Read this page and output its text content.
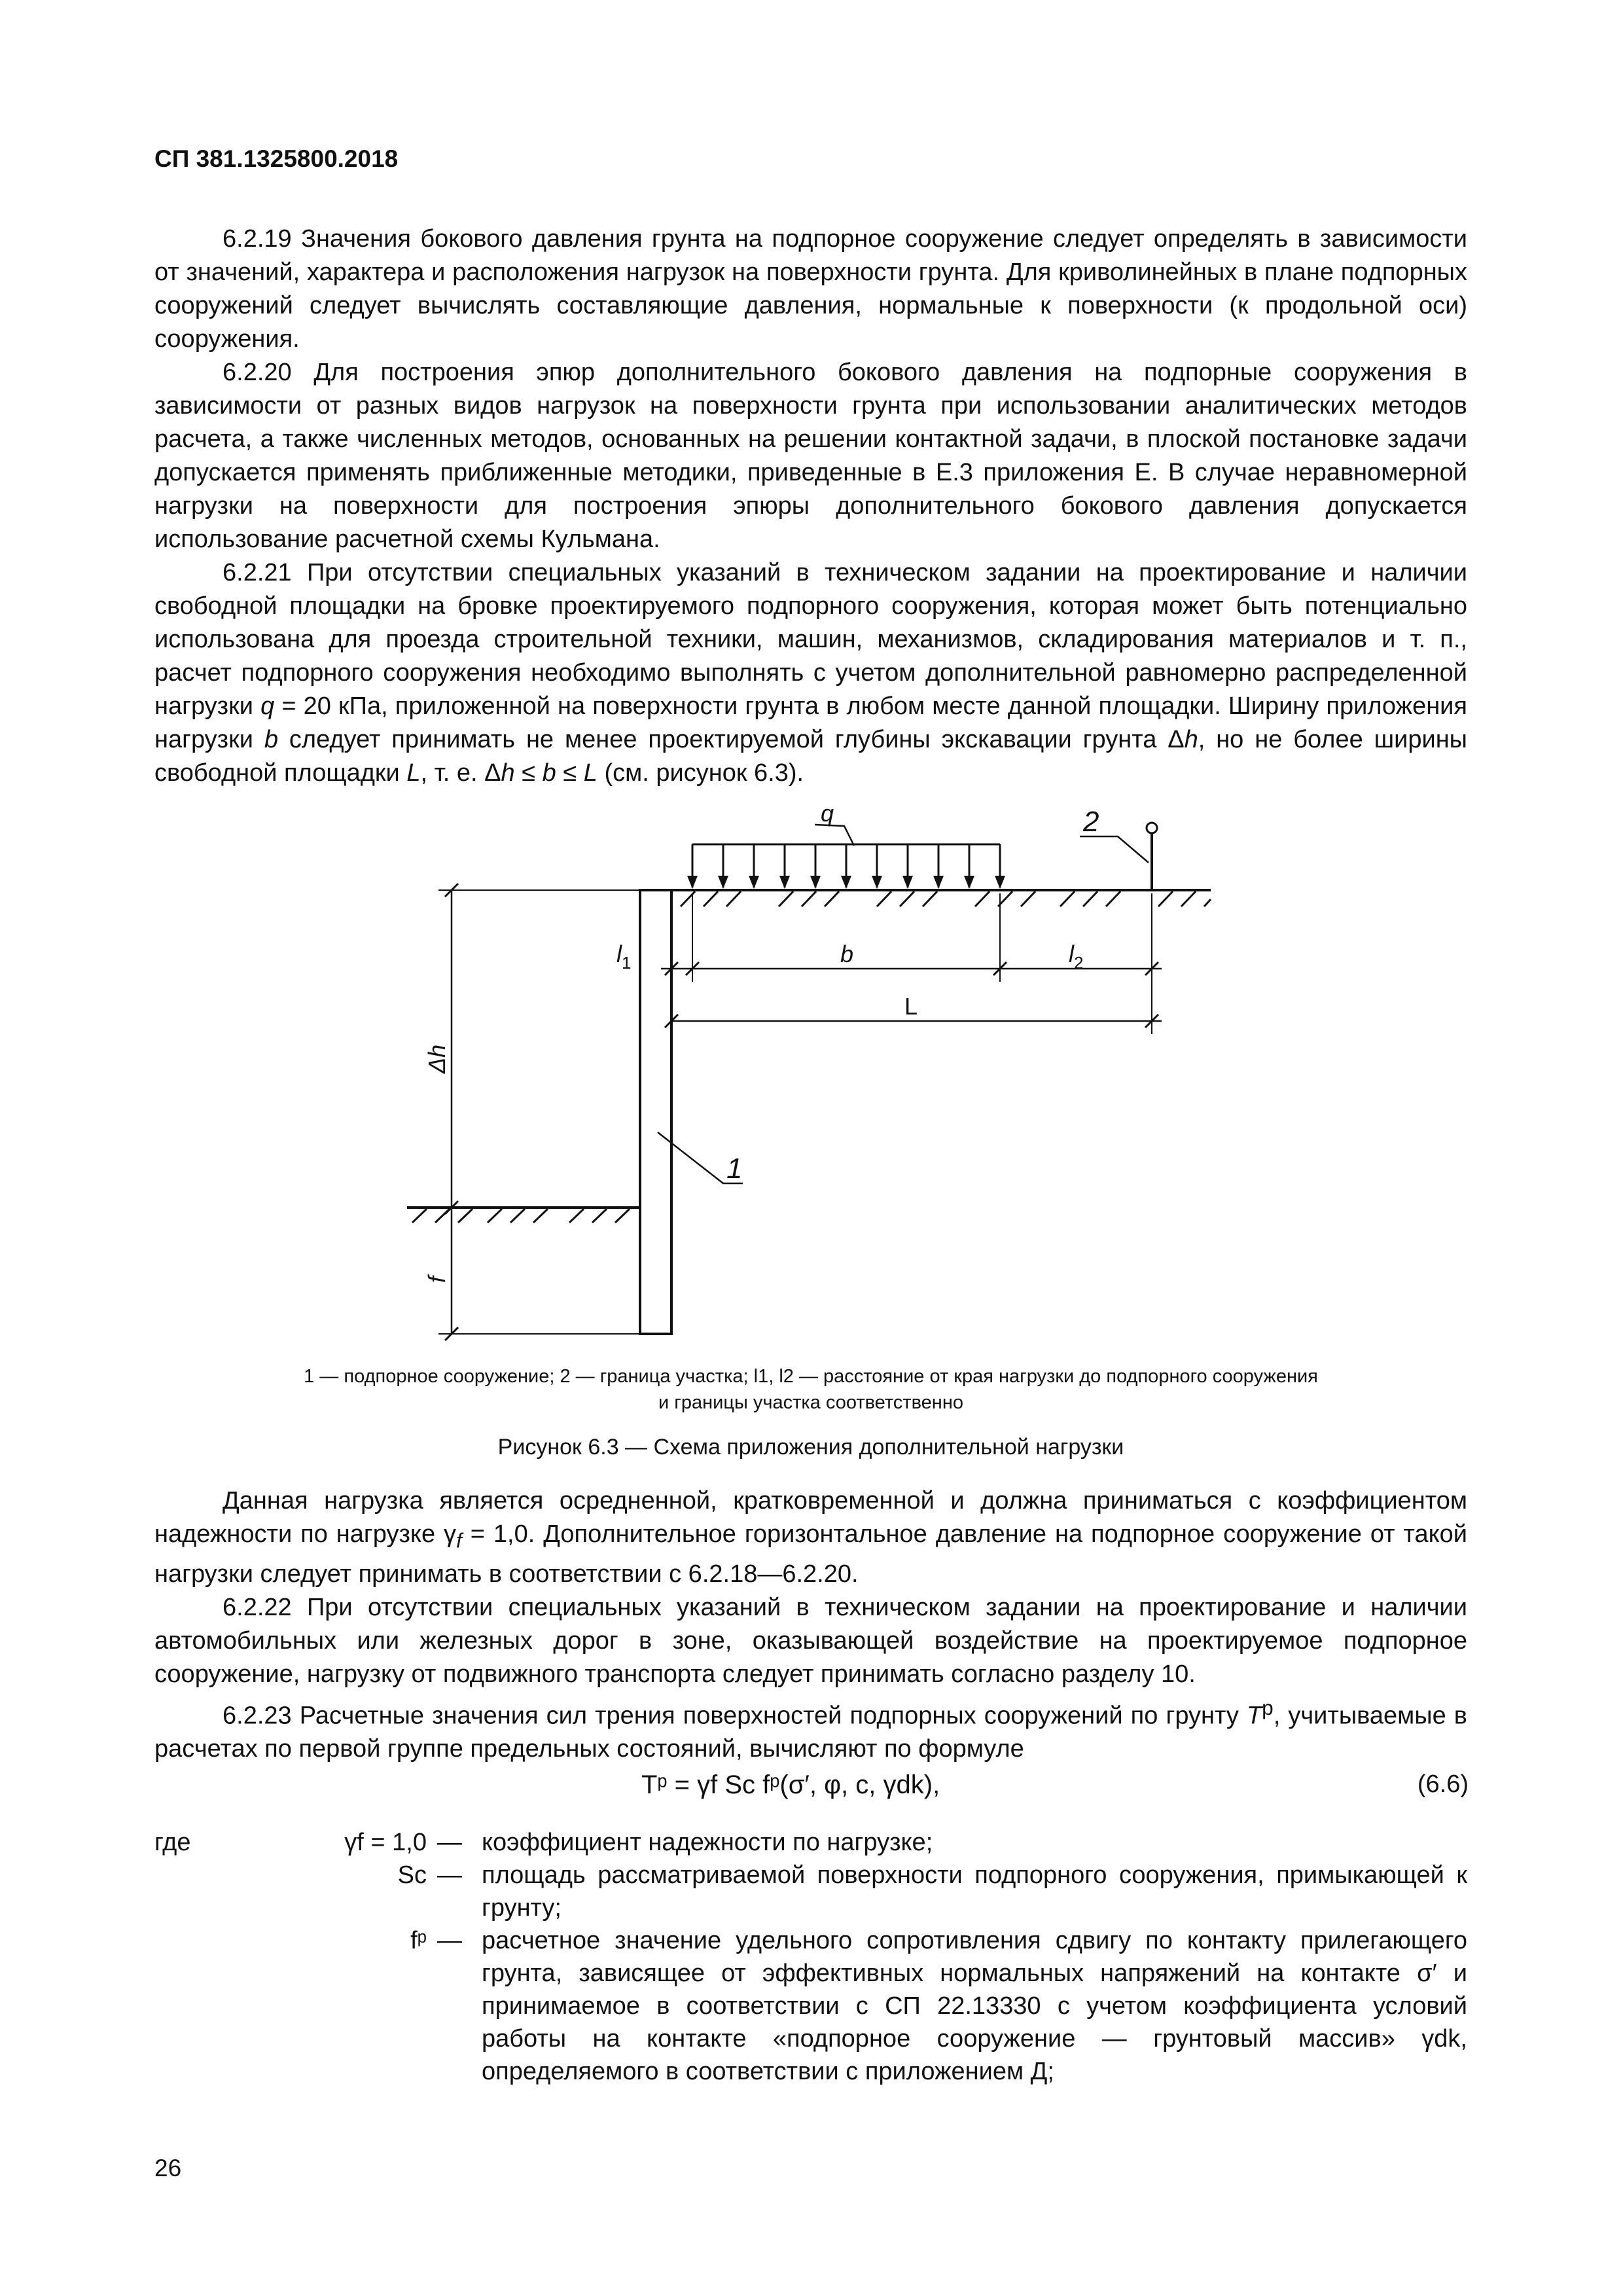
СП 381.1325800.2018

6.2.19 Значения бокового давления грунта на подпорное сооружение следует определять в зависимости от значений, характера и расположения нагрузок на поверхности грунта. Для криволинейных в плане подпорных сооружений следует вычислять составляющие давления, нормальные к поверхности (к продольной оси) сооружения.

6.2.20 Для построения эпюр дополнительного бокового давления на подпорные сооружения в зависимости от разных видов нагрузок на поверхности грунта при использовании аналитических методов расчета, а также численных методов, основанных на решении контактной задачи, в плоской постановке задачи допускается применять приближенные методики, приведенные в Е.3 приложения Е. В случае неравномерной нагрузки на поверхности для построения эпюры дополнительного бокового давления допускается использование расчетной схемы Кульмана.

6.2.21 При отсутствии специальных указаний в техническом задании на проектирование и наличии свободной площадки на бровке проектируемого подпорного сооружения, которая может быть потенциально использована для проезда строительной техники, машин, механизмов, складирования материалов и т. п., расчет подпорного сооружения необходимо выполнять с учетом дополнительной равномерно распределенной нагрузки q = 20 кПа, приложенной на поверхности грунта в любом месте данной площадки. Ширину приложения нагрузки b следует принимать не менее проектируемой глубины экскавации грунта Δh, но не более ширины свободной площадки L, т. е. Δh ≤ b ≤ L (см. рисунок 6.3).

q	2
1
$l_1$	b	$l_2$
L
Δh
f
1 — подпорное сооружение; 2 — граница участка; l1, l2 — расстояние от края нагрузки до подпорного сооружения
и границы участка соответственно
Рисунок 6.3 — Схема приложения дополнительной нагрузки

Данная нагрузка является осредненной, кратковременной и должна приниматься с коэффициентом надежности по нагрузке $\gamma_f = 1,0$. Дополнительное горизонтальное давление на подпорное сооружение от такой нагрузки следует принимать в соответствии с 6.2.18—6.2.20.

6.2.22 При отсутствии специальных указаний в техническом задании на проектирование и наличии автомобильных или железных дорог в зоне, оказывающей воздействие на проектируемое подпорное сооружение, нагрузку от подвижного транспорта следует принимать согласно разделу 10.

6.2.23 Расчетные значения сил трения поверхностей подпорных сооружений по грунту $T^p$, учитываемые в расчетах по первой группе предельных состояний, вычисляют по формуле

Tᵖ = γf Sc fᵖ(σ′, φ, c, γdk),	(6.6)
где	γf = 1,0 — коэффициент надежности по нагрузке;
Sc — площадь рассматриваемой поверхности подпорного сооружения, примыкающей к грунту;
fᵖ — расчетное значение удельного сопротивления сдвигу по контакту прилегающего грунта, зависящее от эффективных нормальных напряжений на контакте σ′ и принимаемое в соответствии с СП 22.13330 с учетом коэффициента условий работы на контакте «подпорное сооружение — грунтовый массив» γdk, определяемого в соответствии с приложением Д;
26
